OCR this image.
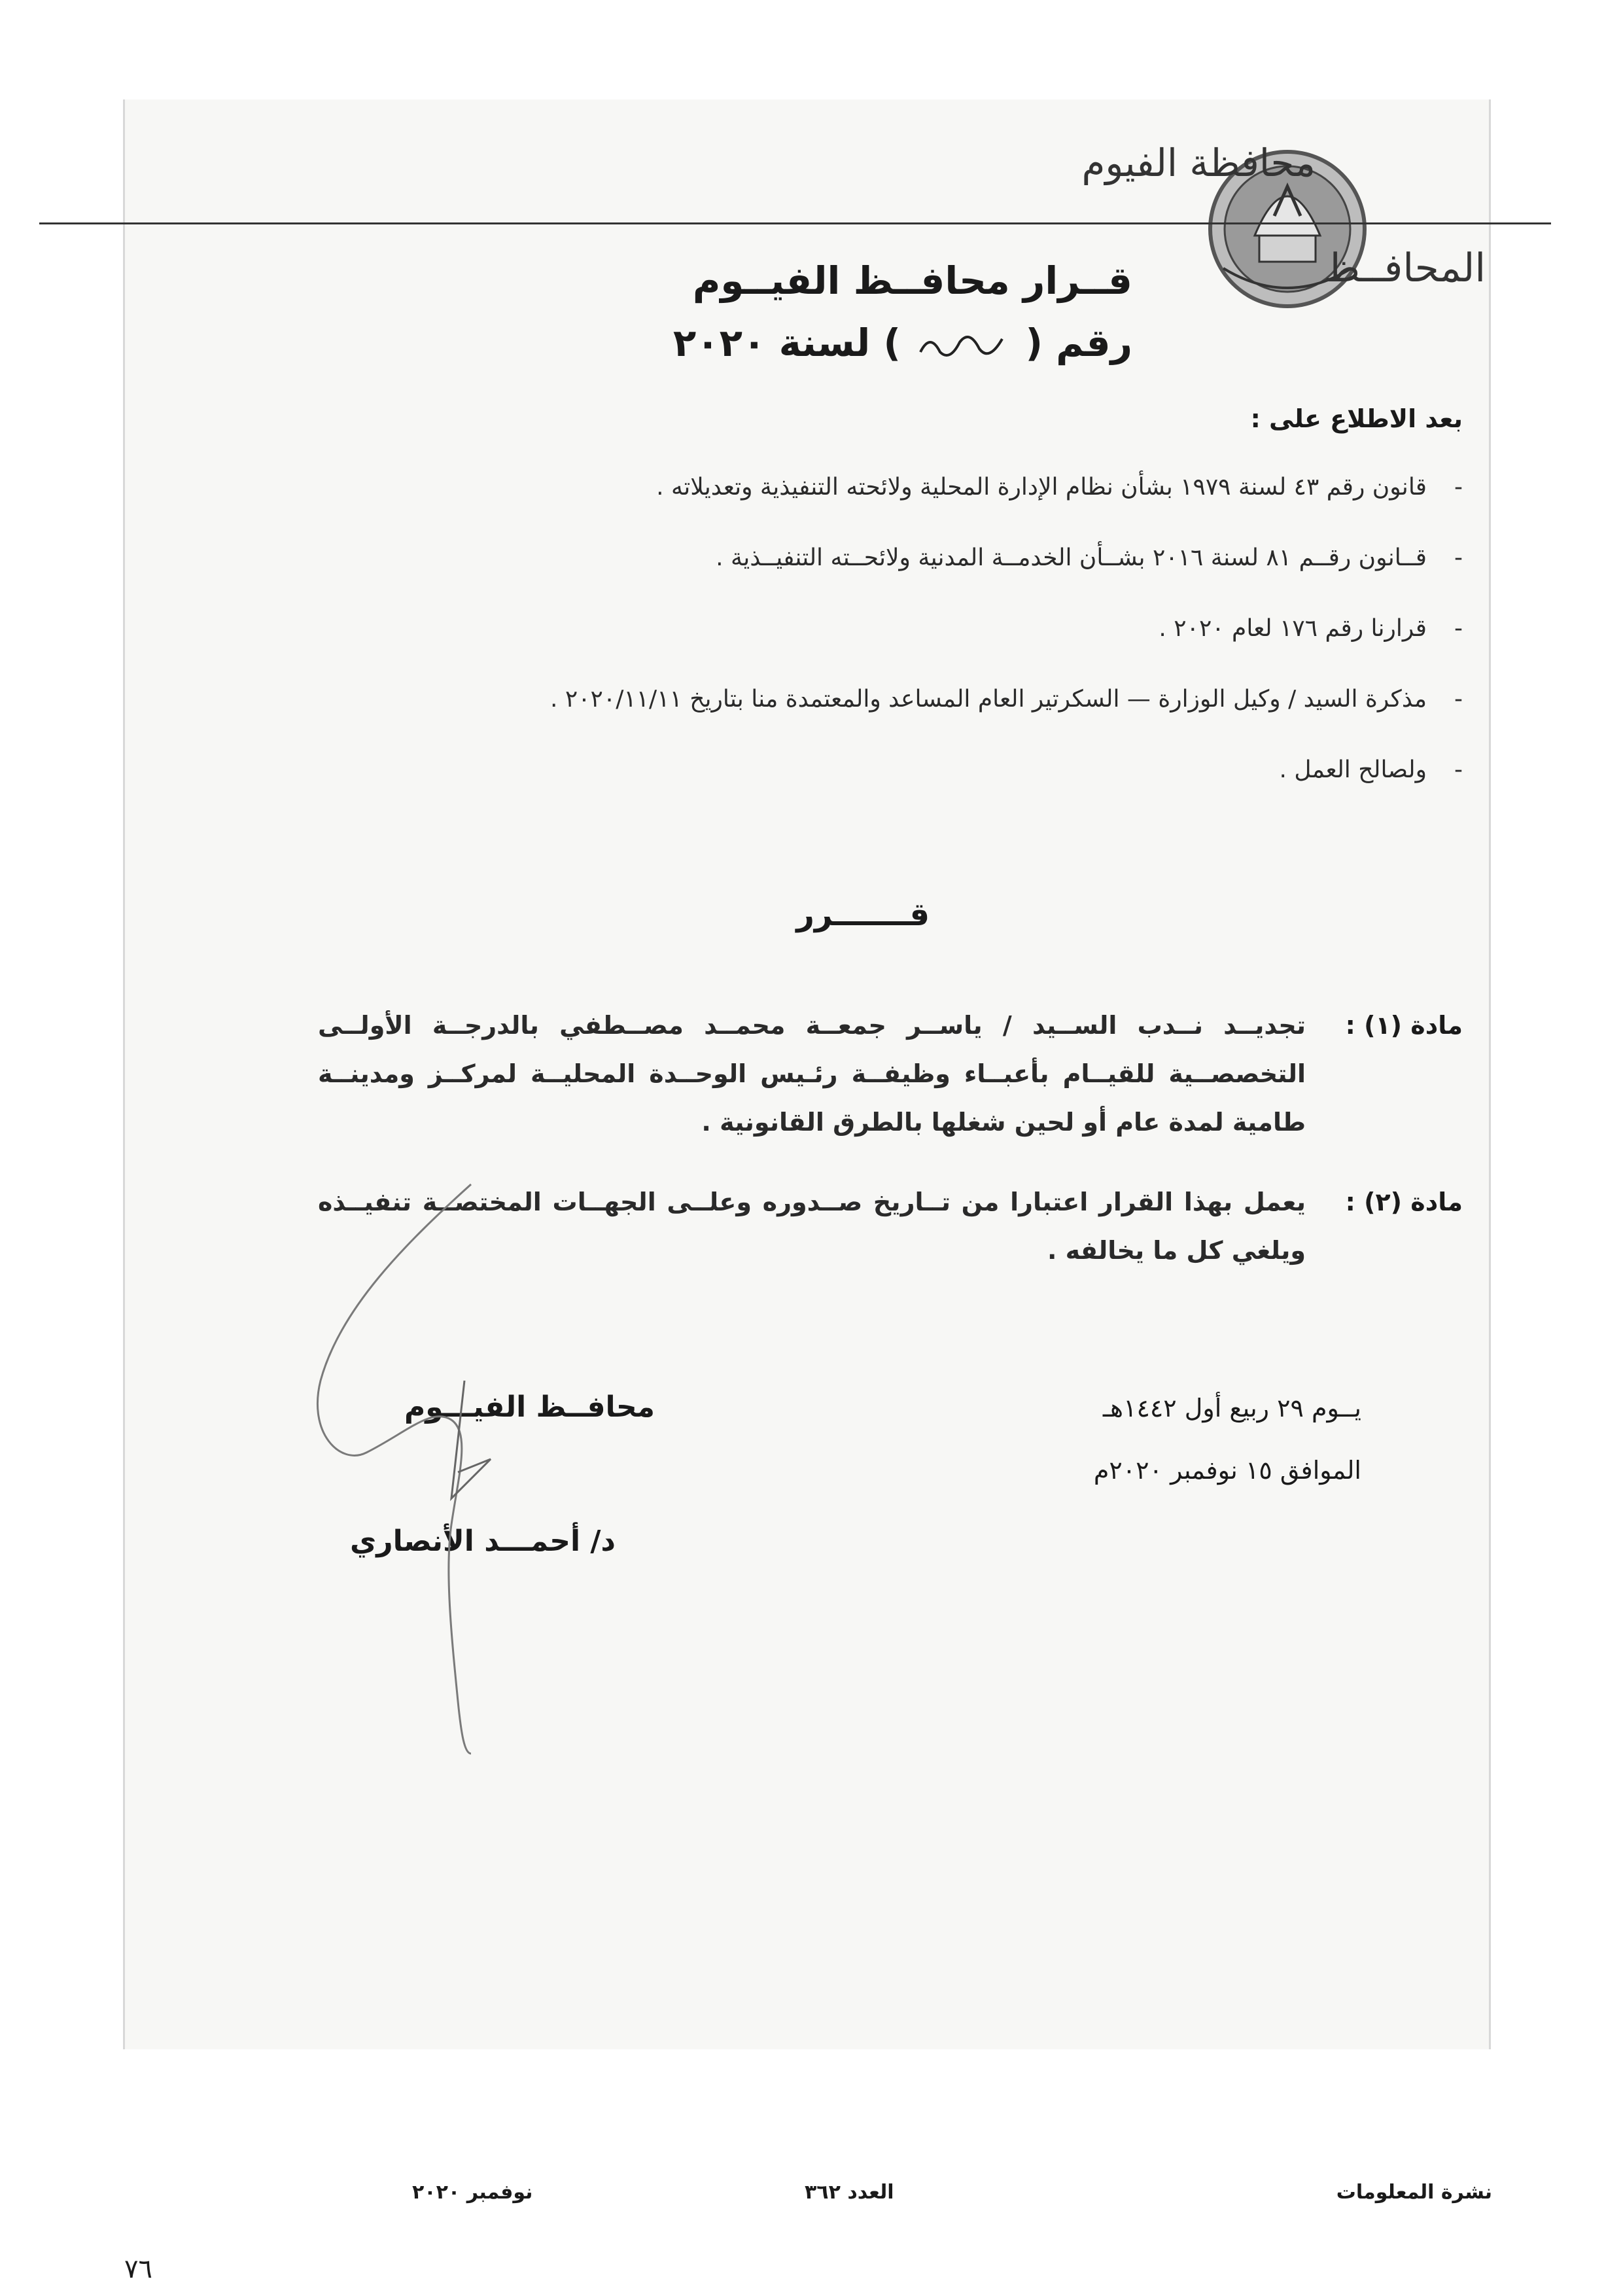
محافظة الفيوم
المحافــظ
قــرار محافــظ الفيــوم
رقم (  ) لسنة ٢٠٢٠
بعد الاطلاع على :
-قانون رقم ٤٣ لسنة ١٩٧٩ بشأن نظام الإدارة المحلية ولائحته التنفيذية وتعديلاته .
-قــانون رقــم ٨١ لسنة ٢٠١٦ بشــأن الخدمــة المدنية ولائحــته التنفيــذية .
-قرارنا رقم ١٧٦ لعام ٢٠٢٠ .
-مذكرة السيد / وكيل الوزارة — السكرتير العام المساعد والمعتمدة منا بتاريخ ٢٠٢٠/١١/١١ .
-ولصالح العمل .
قـــــــرر
مادة (١) :
تجديــد نــدب الســيد / ياســر جمعــة محمــد مصــطفي بالدرجــة الأولــى التخصصــية للقيــام بأعبــاء وظيفــة رئـيس الوحــدة المحليــة لمركــز ومدينــة طامية لمدة عام أو لحين شغلها بالطرق القانونية .
مادة (٢) :
يعمل بهذا القرار اعتبارا من تــاريخ صــدوره وعلــى الجهــات المختصــة تنفيــذه ويلغي كل ما يخالفه .
محافــظ الفيـــوم
د/ أحمـــد الأنصاري
يــوم ٢٩ ربيع أول ١٤٤٢هـ
الموافق ١٥ نوفمبر ٢٠٢٠م
نشرة المعلومات
العدد ٣٦٢
نوفمبر ٢٠٢٠
٧٦
